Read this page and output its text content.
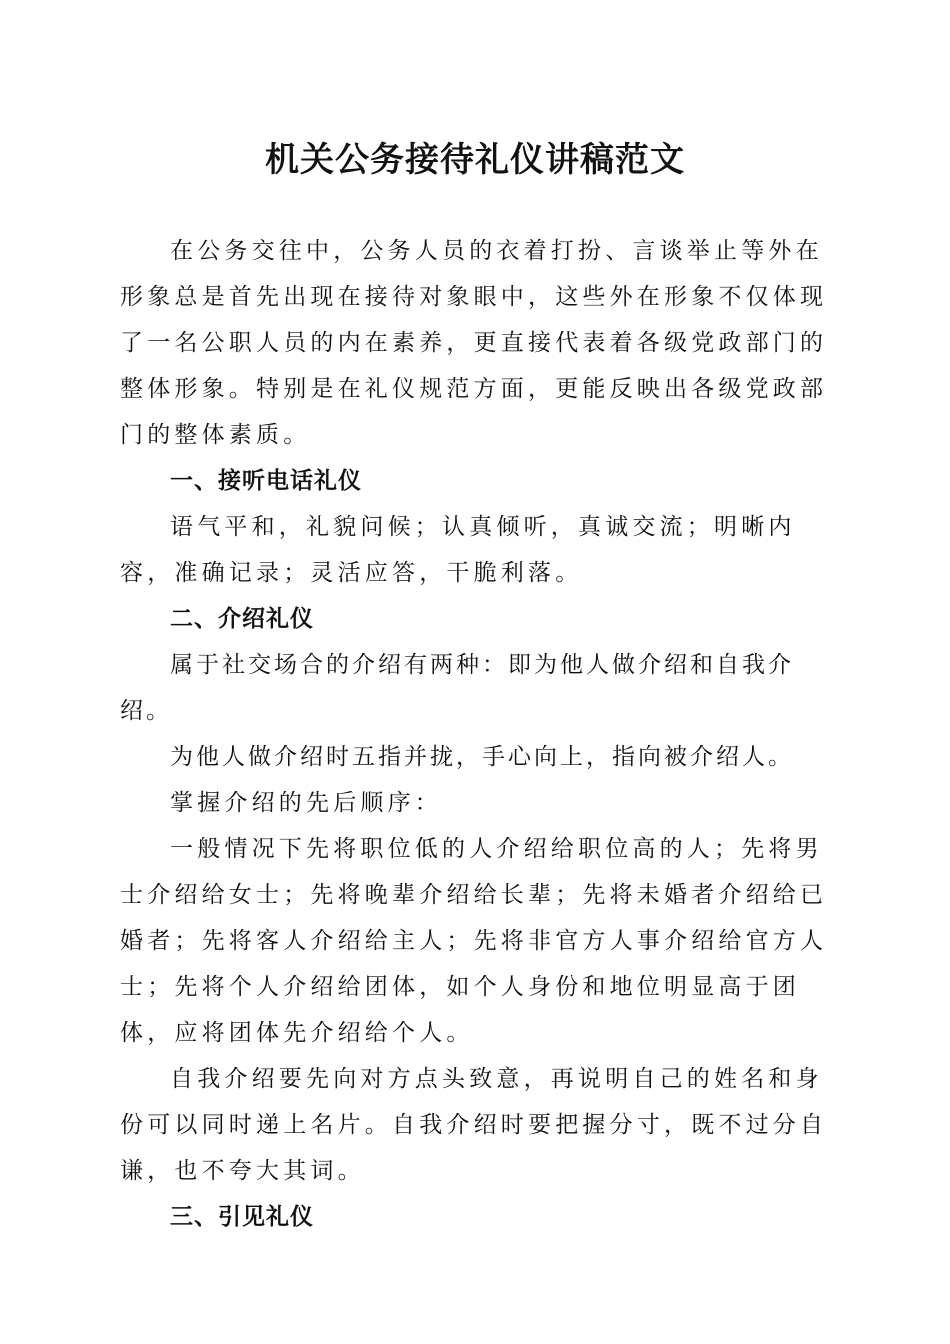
机关公务接待礼仪讲稿范文

在公务交往中，公务人员的衣着打扮、言谈举止等外在形象总是首先出现在接待对象眼中，这些外在形象不仅体现了一名公职人员的内在素养，更直接代表着各级党政部门的整体形象。特别是在礼仪规范方面，更能反映出各级党政部门的整体素质。

一、接听电话礼仪

语气平和，礼貌问候；认真倾听，真诚交流；明晰内容，准确记录；灵活应答，干脆利落。

二、介绍礼仪

属于社交场合的介绍有两种：即为他人做介绍和自我介绍。

为他人做介绍时五指并拢，手心向上，指向被介绍人。

掌握介绍的先后顺序：

一般情况下先将职位低的人介绍给职位高的人；先将男士介绍给女士；先将晚辈介绍给长辈；先将未婚者介绍给已婚者；先将客人介绍给主人；先将非官方人事介绍给官方人士；先将个人介绍给团体，如个人身份和地位明显高于团体，应将团体先介绍给个人。

自我介绍要先向对方点头致意，再说明自己的姓名和身份可以同时递上名片。自我介绍时要把握分寸，既不过分自谦，也不夸大其词。

三、引见礼仪
